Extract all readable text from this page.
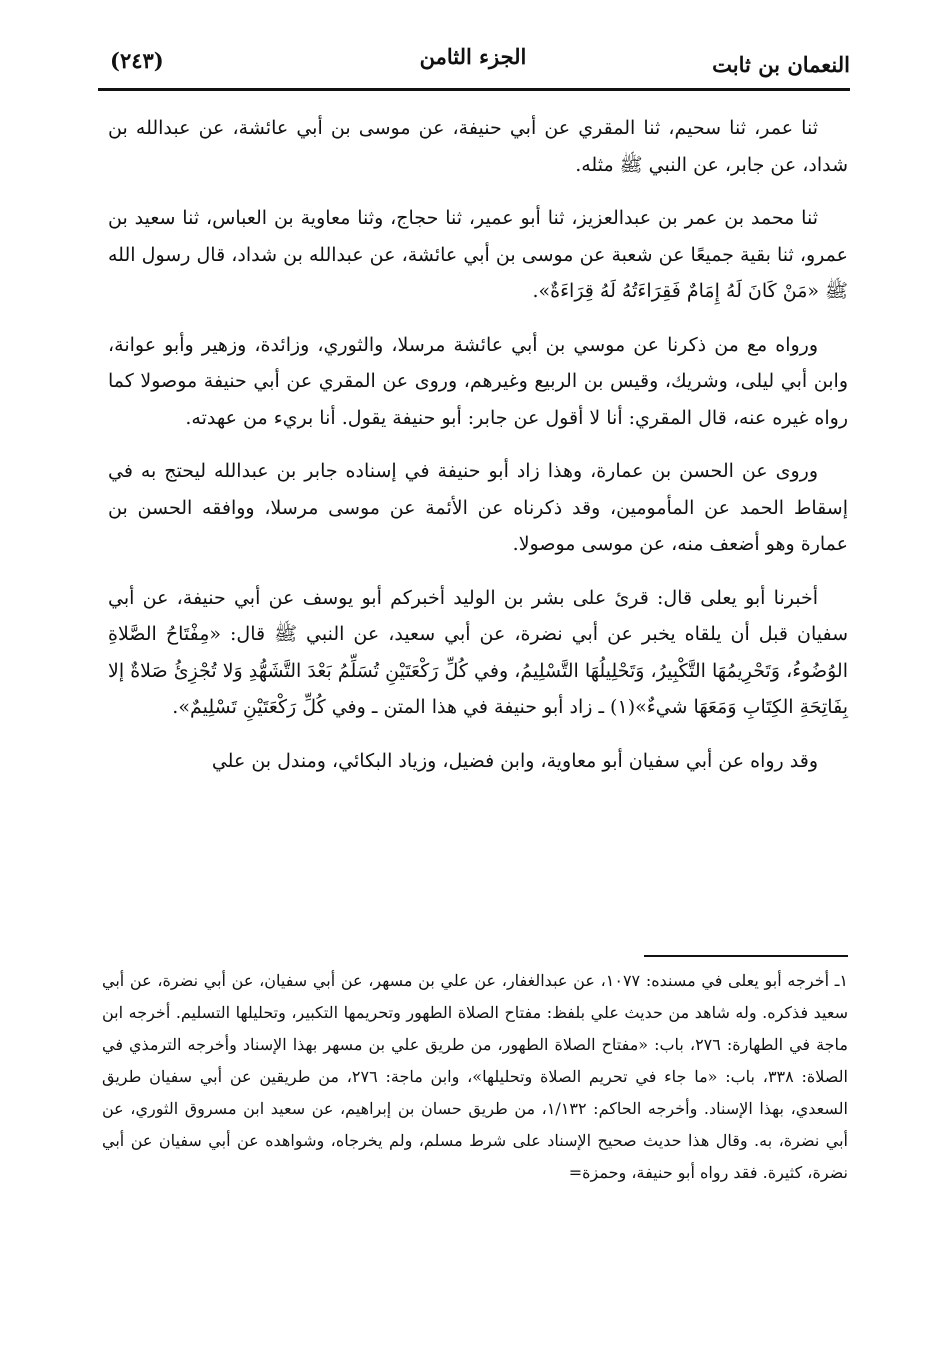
النعمان بن ثابت
الجزء الثامن
(٢٤٣)

ثنا عمر، ثنا سحيم، ثنا المقري عن أبي حنيفة، عن موسى بن أبي عائشة، عن عبدالله بن شداد، عن جابر، عن النبي ﷺ مثله.

ثنا محمد بن عمر بن عبدالعزيز، ثنا أبو عمير، ثنا حجاج، وثنا معاوية بن العباس، ثنا سعيد بن عمرو، ثنا بقية جميعًا عن شعبة عن موسى بن أبي عائشة، عن عبدالله بن شداد، قال رسول الله ﷺ «مَنْ كَانَ لَهُ إِمَامٌ فَقِرَاءَتُهُ لَهُ قِرَاءَةٌ».

ورواه مع من ذكرنا عن موسي بن أبي عائشة مرسلا، والثوري، وزائدة، وزهير وأبو عوانة، وابن أبي ليلى، وشريك، وقيس بن الربيع وغيرهم، وروى عن المقري عن أبي حنيفة موصولا كما رواه غيره عنه، قال المقري: أنا لا أقول عن جابر: أبو حنيفة يقول. أنا بريء من عهدته.

وروى عن الحسن بن عمارة، وهذا زاد أبو حنيفة في إسناده جابر بن عبدالله ليحتج به في إسقاط الحمد عن المأمومين، وقد ذكرناه عن الأئمة عن موسى مرسلا، ووافقه الحسن بن عمارة وهو أضعف منه، عن موسى موصولا.

أخبرنا أبو يعلى قال: قرئ على بشر بن الوليد أخبركم أبو يوسف عن أبي حنيفة، عن أبي سفيان قبل أن يلقاه يخبر عن أبي نضرة، عن أبي سعيد، عن النبي ﷺ قال: «مِفْتَاحُ الصَّلاةِ الوُضُوءُ، وَتَحْرِيمُهَا التَّكْبِيرُ، وَتَحْلِيلُهَا التَّسْلِيمُ، وفي كُلِّ رَكْعَتَيْنِ تُسَلِّمُ بَعْدَ التَّشَهُّدِ وَلا تُجْزِئُ صَلاةٌ إلا بِفَاتِحَةِ الكِتَابِ وَمَعَهَا شيءٌ»(١) ـ زاد أبو حنيفة في هذا المتن ـ وفي كُلِّ رَكْعَتَيْنِ تَسْلِيمٌ».

وقد رواه عن أبي سفيان أبو معاوية، وابن فضيل، وزياد البكائي، ومندل بن علي

١ـ أخرجه أبو يعلى في مسنده: ١٠٧٧، عن عبدالغفار، عن علي بن مسهر، عن أبي سفيان، عن أبي نضرة، عن أبي سعيد فذكره. وله شاهد من حديث علي بلفظ: مفتاح الصلاة الطهور وتحريمها التكبير، وتحليلها التسليم. أخرجه ابن ماجة في الطهارة: ٢٧٦، باب: «مفتاح الصلاة الطهور، من طريق علي بن مسهر بهذا الإسناد وأخرجه الترمذي في الصلاة: ٣٣٨، باب: «ما جاء في تحريم الصلاة وتحليلها»، وابن ماجة: ٢٧٦، من طريقين عن أبي سفيان طريق السعدي، بهذا الإسناد. وأخرجه الحاكم: ١/١٣٢، من طريق حسان بن إبراهيم، عن سعيد ابن مسروق الثوري، عن أبي نضرة، به. وقال هذا حديث صحيح الإسناد على شرط مسلم، ولم يخرجاه، وشواهده عن أبي سفيان عن أبي نضرة، كثيرة. فقد رواه أبو حنيفة، وحمزة=
